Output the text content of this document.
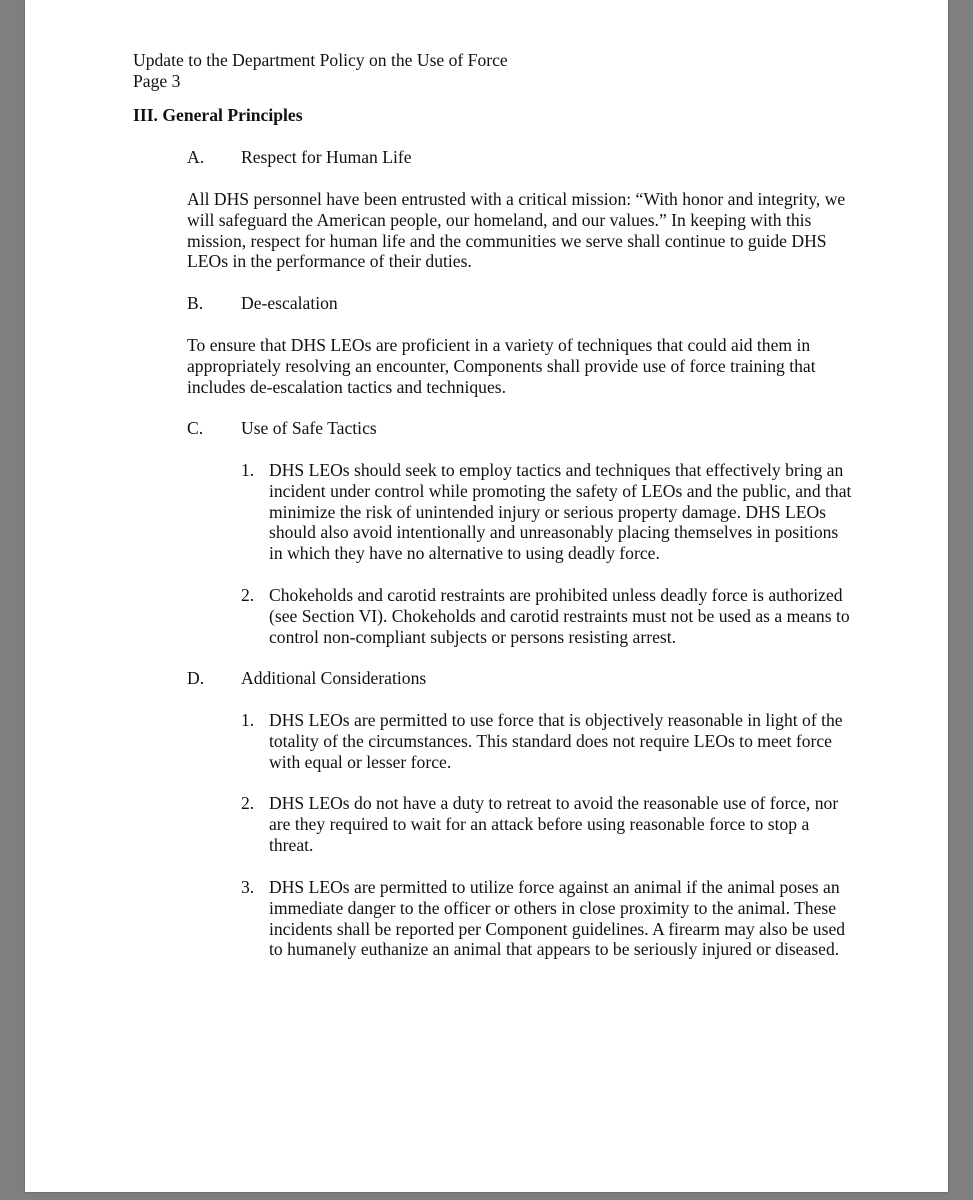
Update to the Department Policy on the Use of Force
Page 3
III. General Principles
A. Respect for Human Life

All DHS personnel have been entrusted with a critical mission: “With honor and integrity, we will safeguard the American people, our homeland, and our values.” In keeping with this mission, respect for human life and the communities we serve shall continue to guide DHS LEOs in the performance of their duties.

B. De-escalation

To ensure that DHS LEOs are proficient in a variety of techniques that could aid them in appropriately resolving an encounter, Components shall provide use of force training that includes de-escalation tactics and techniques.

C. Use of Safe Tactics
1. DHS LEOs should seek to employ tactics and techniques that effectively bring an incident under control while promoting the safety of LEOs and the public, and that minimize the risk of unintended injury or serious property damage. DHS LEOs should also avoid intentionally and unreasonably placing themselves in positions in which they have no alternative to using deadly force.
2. Chokeholds and carotid restraints are prohibited unless deadly force is authorized (see Section VI). Chokeholds and carotid restraints must not be used as a means to control non-compliant subjects or persons resisting arrest.
D. Additional Considerations
1. DHS LEOs are permitted to use force that is objectively reasonable in light of the totality of the circumstances. This standard does not require LEOs to meet force with equal or lesser force.
2. DHS LEOs do not have a duty to retreat to avoid the reasonable use of force, nor are they required to wait for an attack before using reasonable force to stop a threat.
3. DHS LEOs are permitted to utilize force against an animal if the animal poses an immediate danger to the officer or others in close proximity to the animal. These incidents shall be reported per Component guidelines. A firearm may also be used to humanely euthanize an animal that appears to be seriously injured or diseased.
